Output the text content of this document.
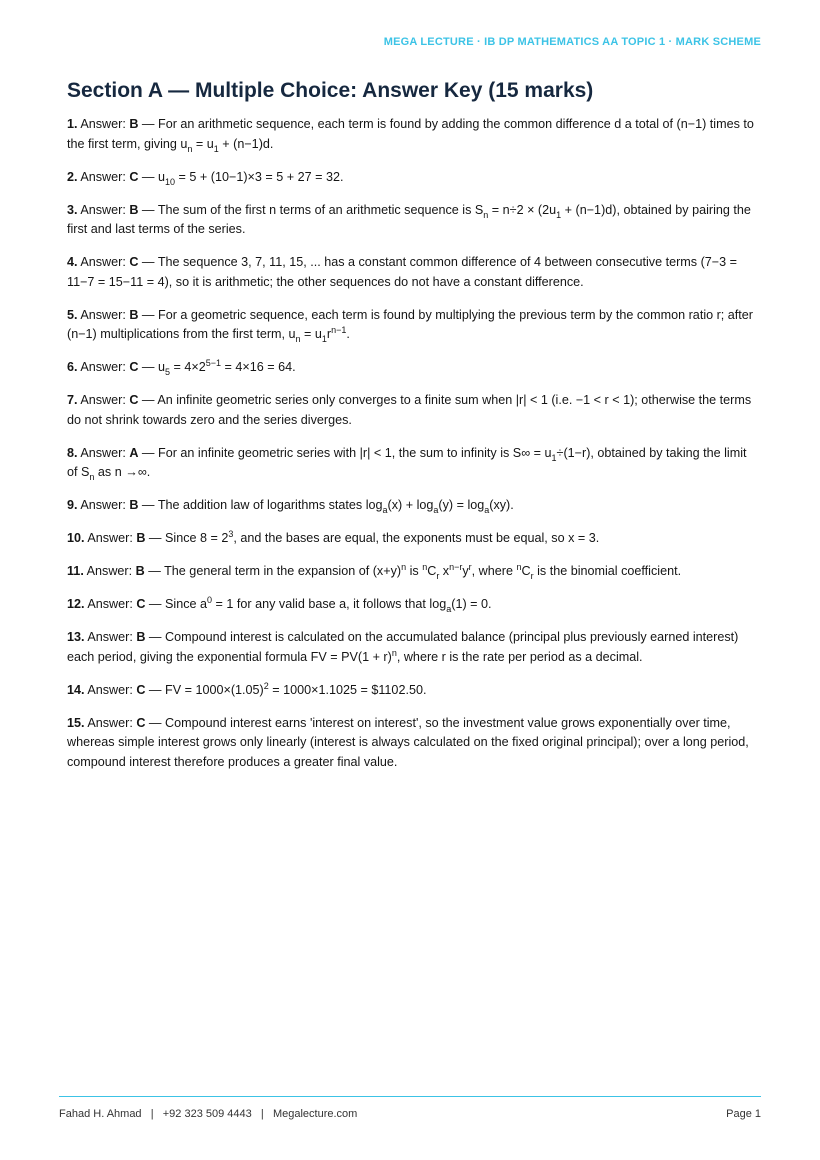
MEGA LECTURE · IB DP MATHEMATICS AA TOPIC 1 · MARK SCHEME
Section A — Multiple Choice: Answer Key (15 marks)

1. Answer: B — For an arithmetic sequence, each term is found by adding the common difference d a total of (n−1) times to the first term, giving $u_n = u_1 + (n-1)d$.

2. Answer: C — $u_{10} = 5 + (10-1)\times 3 = 5 + 27 = 32$.

3. Answer: B — The sum of the first n terms of an arithmetic sequence is $S_n = n\div 2 \times (2u_1 + (n-1)d)$, obtained by pairing the first and last terms of the series.

4. Answer: C — The sequence 3, 7, 11, 15, ... has a constant common difference of 4 between consecutive terms (7−3 = 11−7 = 15−11 = 4), so it is arithmetic; the other sequences do not have a constant difference.

5. Answer: B — For a geometric sequence, each term is found by multiplying the previous term by the common ratio r; after (n−1) multiplications from the first term, $u_n = u_1r^{n-1}$.

6. Answer: C — $u_5 = 4\times 2^{5-1} = 4\times 16 = 64$.

7. Answer: C — An infinite geometric series only converges to a finite sum when |r| < 1 (i.e. −1 < r < 1); otherwise the terms do not shrink towards zero and the series diverges.

8. Answer: A — For an infinite geometric series with |r| < 1, the sum to infinity is $S\infty = u_1\div(1-r)$, obtained by taking the limit of $S_n$ as n →∞.

9. Answer: B — The addition law of logarithms states $\log_a(x) + \log_a(y) = \log_a(xy)$.

10. Answer: B — Since $8 = 2^3$, and the bases are equal, the exponents must be equal, so x = 3.

11. Answer: B — The general term in the expansion of $(x+y)^n$ is $^nC_r$ $x^{n-r}y^r$, where $^nC_r$ is the binomial coefficient.

12. Answer: C — Since $a^0 = 1$ for any valid base a, it follows that $\log_a(1) = 0$.

13. Answer: B — Compound interest is calculated on the accumulated balance (principal plus previously earned interest) each period, giving the exponential formula FV = $PV(1 + r)^n$, where r is the rate per period as a decimal.

14. Answer: C — FV = $1000\times(1.05)^2 = 1000\times 1.1025$ = $1102.50.

15. Answer: C — Compound interest earns 'interest on interest', so the investment value grows exponentially over time, whereas simple interest grows only linearly (interest is always calculated on the fixed original principal); over a long period, compound interest therefore produces a greater final value.

Fahad H. Ahmad   |   +92 323 509 4443   |   Megalecture.com	Page 1
